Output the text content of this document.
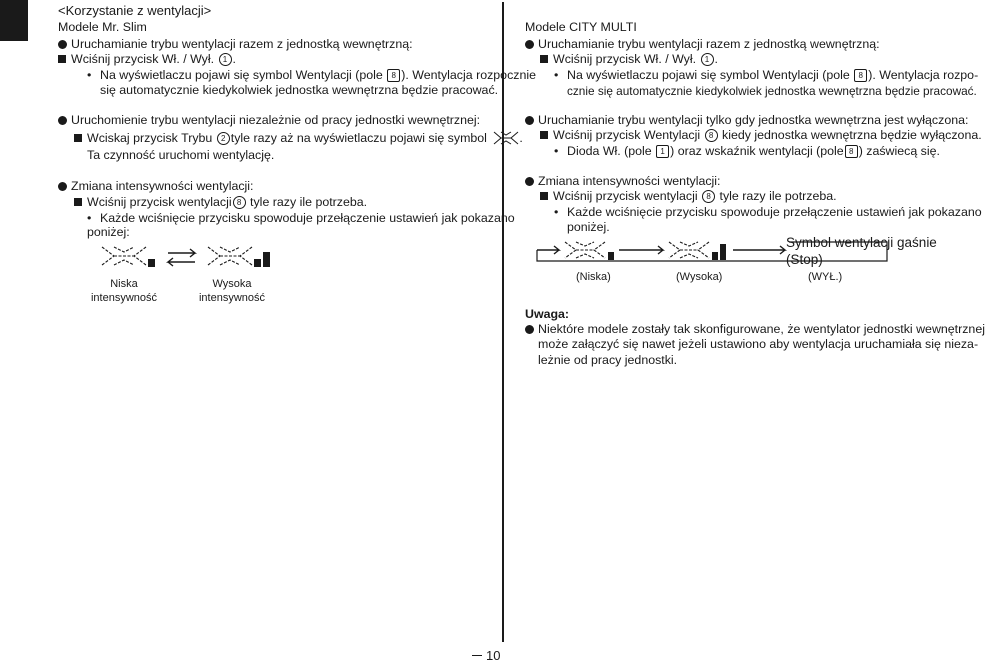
<Korzystanie z wentylacji>
Modele Mr. Slim
Uruchamianie trybu wentylacji razem z jednostką wewnętrzną:
Wciśnij przycisk Wł. / Wył. 1 .
• Na wyświetlaczu pojawi się symbol Wentylacji (pole 8 ). Wentylacja rozpocznie
się automatycznie kiedykolwiek jednostka wewnętrzna będzie pracować.
Uruchomienie trybu wentylacji niezależnie od pracy jednostki wewnętrznej:
Wciskaj przycisk Trybu 2 tyle razy aż na wyświetlaczu pojawi się symbol	.
Ta czynność uruchomi wentylację.
Zmiana intensywności wentylacji:
Wciśnij przycisk wentylacji 8 tyle razy ile potrzeba.
• Każde wciśnięcie przycisku spowoduje przełączenie ustawień jak pokazano
poniżej:
Niska intensywność
Wysoka intensywność
Modele CITY MULTI
Uruchamianie trybu wentylacji razem z jednostką wewnętrzną:
Wciśnij przycisk Wł. / Wył. 1 .
• Na wyświetlaczu pojawi się symbol Wentylacji (pole 8 ). Wentylacja rozpo-
cznie się automatycznie kiedykolwiek jednostka wewnętrzna będzie pracować.
Uruchamianie trybu wentylacji tylko gdy jednostka wewnętrzna jest wyłączona:
Wciśnij przycisk Wentylacji 8 kiedy jednostka wewnętrzna będzie wyłączona.
• Dioda Wł. (pole 1 ) oraz wskaźnik wentylacji (pole 8 ) zaświecą się.
Zmiana intensywności wentylacji:
Wciśnij przycisk wentylacji 8 tyle razy ile potrzeba.
• Każde wciśnięcie przycisku spowoduje przełączenie ustawień jak pokazano
poniżej.
Symbol wentylacji gaśnie
(Stop)
(Niska)	(Wysoka)	(WYŁ.)
Uwaga:
Niektóre modele zostały tak skonfigurowane, że wentylator jednostki wewnętrznej
może załączyć się nawet jeżeli ustawiono aby wentylacja uruchamiała się nieza-
leżnie od pracy jednostki.
10
